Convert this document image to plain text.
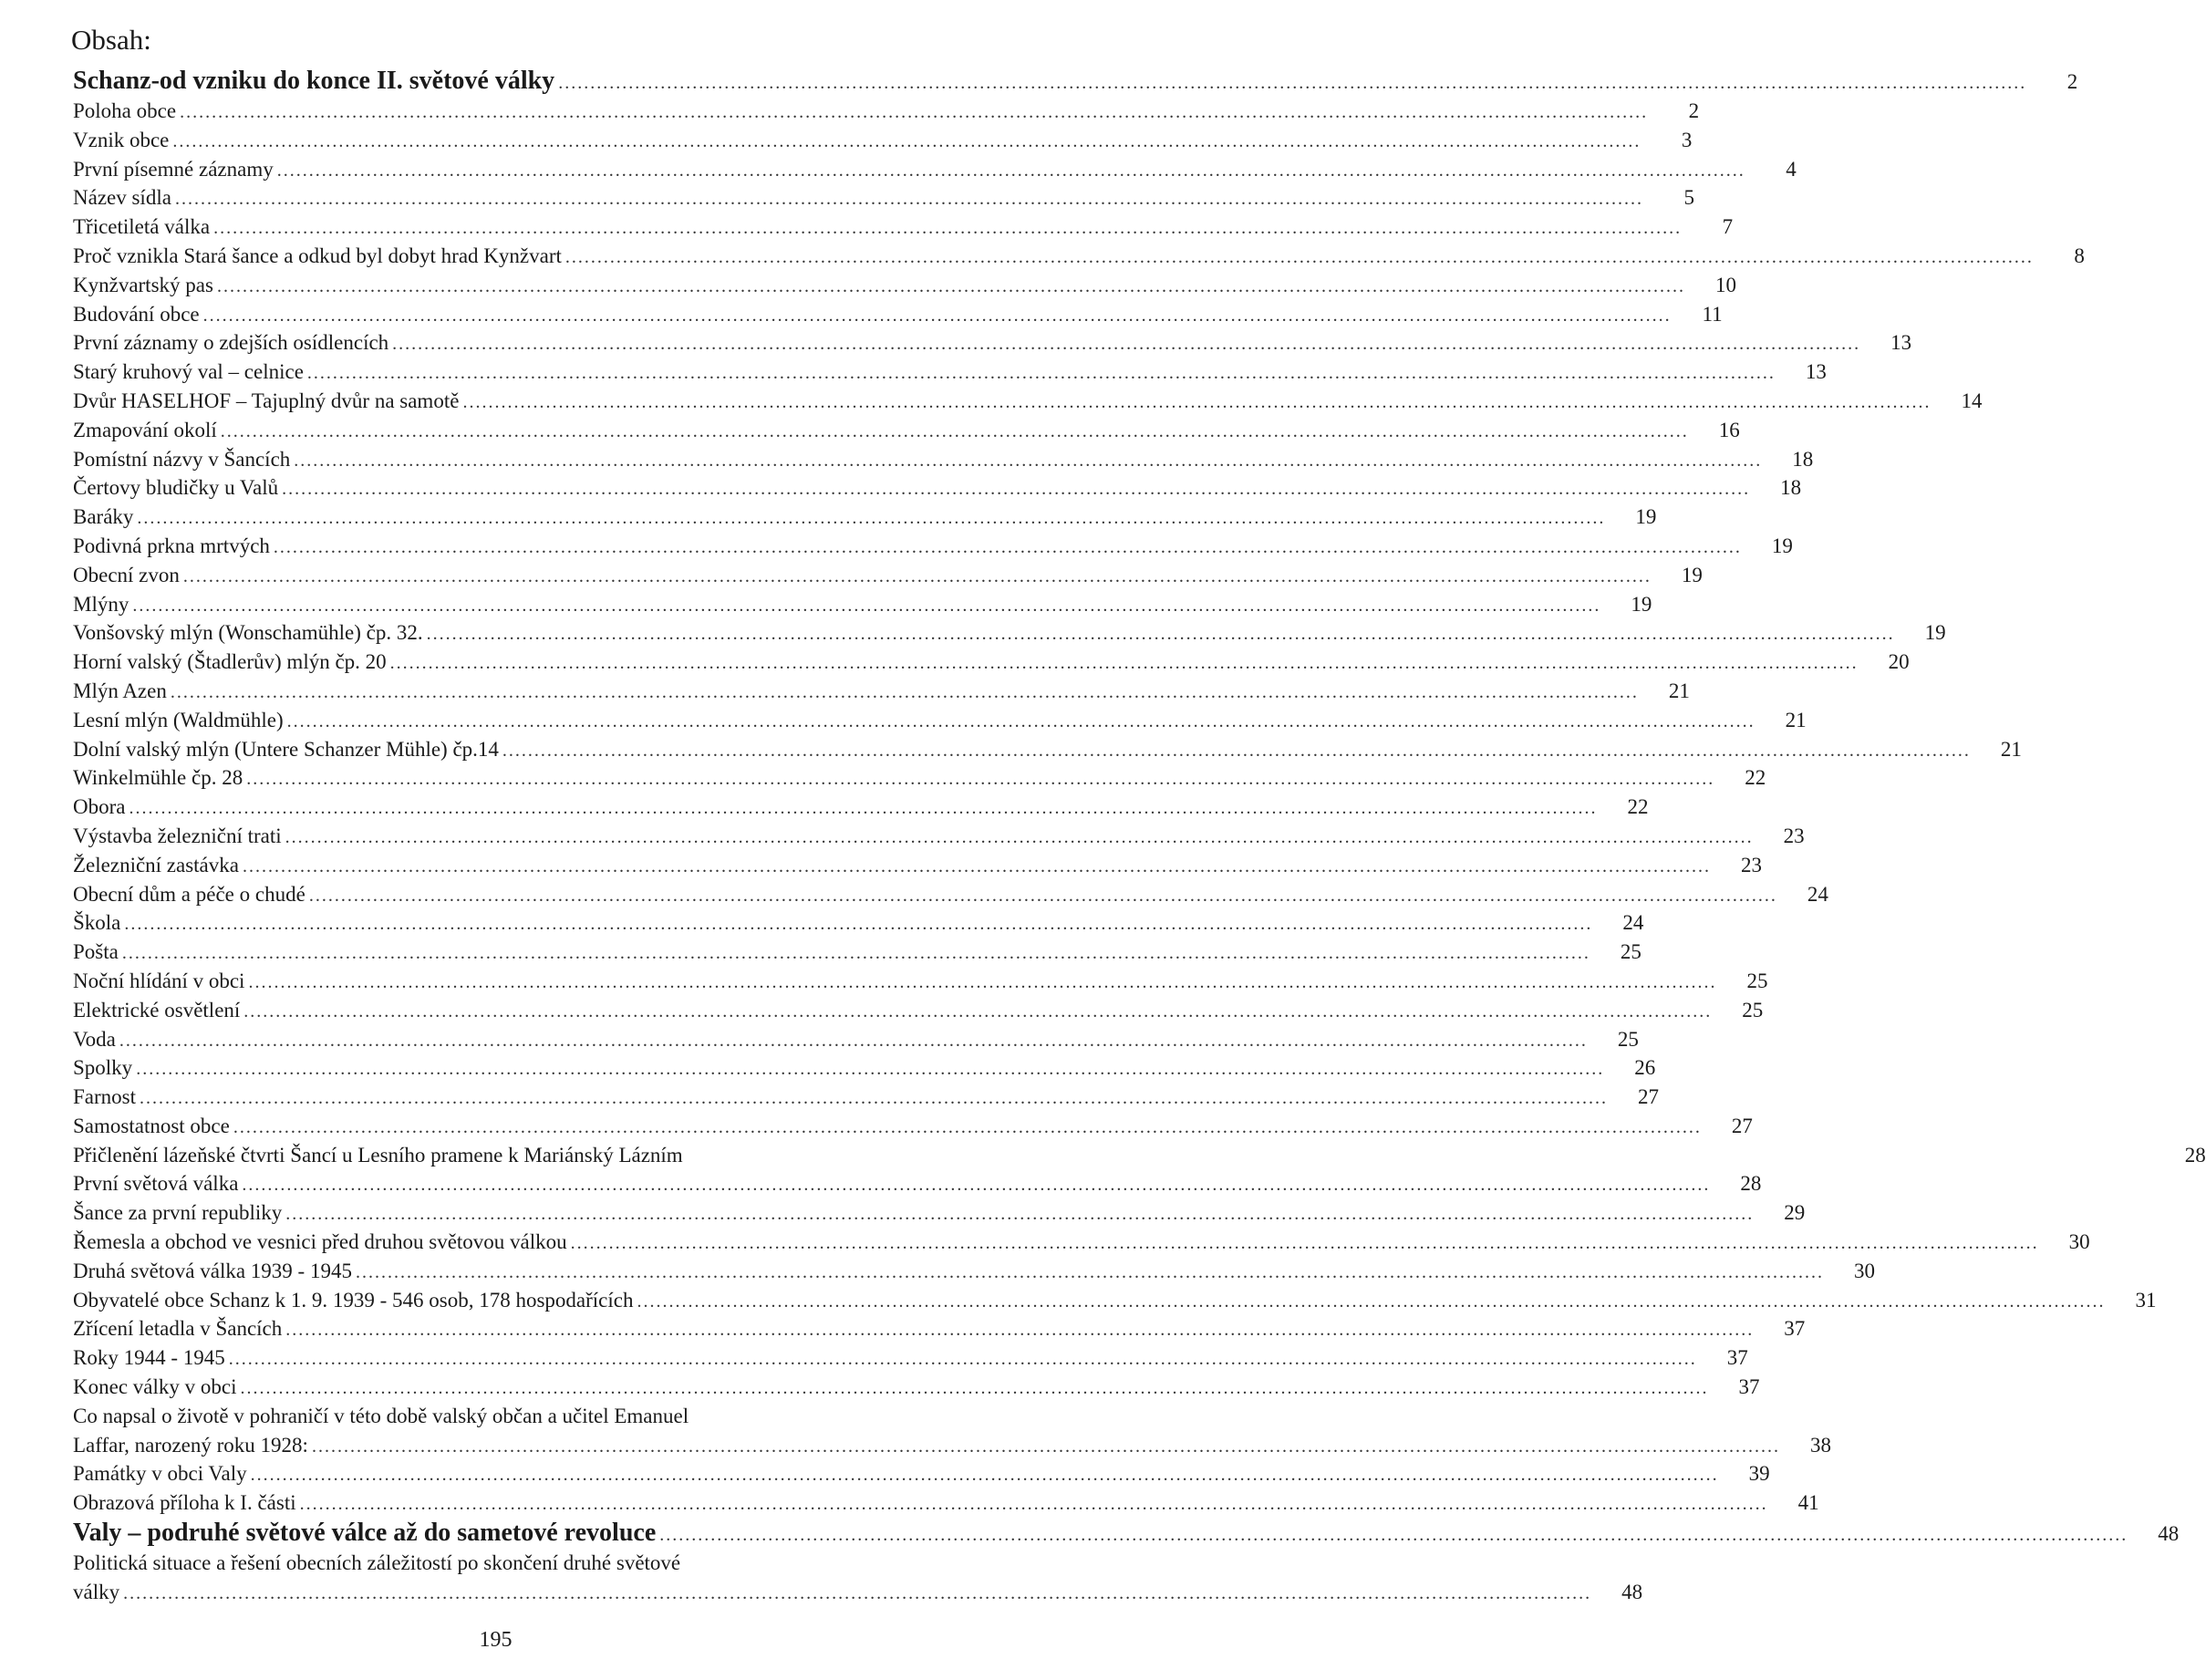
Obsah:
Schanz-od vzniku do konce II. světové války .....	2
Poloha obce .....	2
Vznik obce .....	3
První písemné záznamy .....	4
Název sídla .....	5
Třicetiletá válka .....	7
Proč vznikla Stará šance a odkud byl dobyt hrad Kynžvart .....	8
Kynžvartský pas .....	10
Budování obce .....	11
První záznamy o zdejších osídlencích .....	13
Starý kruhový val – celnice .....	13
Dvůr HASELHOF – Tajuplný dvůr na samotě .....	14
Zmapování okolí .....	16
Pomístní názvy v Šancích .....	18
Čertovy bludičky u Valů .....	18
Baráky .....	19
Podivná prkna mrtvých .....	19
Obecní zvon .....	19
Mlýny .....	19
Vonšovský mlýn (Wonschamühle) čp. 32. .....	19
Horní valský (Štadlerův) mlýn čp. 20 .....	20
Mlýn Azen .....	21
Lesní mlýn (Waldmühle) .....	21
Dolní valský mlýn (Untere Schanzer Mühle) čp.14 .....	21
Winkelmühle čp. 28 .....	22
Obora .....	22
Výstavba železniční trati .....	23
Železniční zastávka .....	23
Obecní dům a péče o chudé .....	24
Škola .....	24
Pošta .....	25
Noční hlídání v obci .....	25
Elektrické osvětlení .....	25
Voda .....	25
Spolky .....	26
Farnost .....	27
Samostatnost obce .....	27
Přičlenění lázeňské čtvrti Šancí u Lesního pramene k Mariánský Lázním	28
První světová válka .....	28
Šance za první republiky .....	29
Řemesla a obchod ve vesnici před druhou světovou válkou .....	30
Druhá světová válka 1939 - 1945 .....	30
Obyvatelé obce Schanz k 1. 9. 1939 - 546 osob, 178 hospodařících .....	31
Zřícení letadla v Šancích .....	37
Roky 1944 - 1945 .....	37
Konec války v obci .....	37
Co napsal o životě v pohraničí v této době valský občan a učitel Emanuel
Laffar, narozený roku 1928: .....	38
Památky v obci Valy .....	39
Obrazová příloha k I. části .....	41
Valy – podruhé světové válce až do sametové revoluce .....	48
Politická situace a řešení obecních záležitostí po skončení druhé světové
války .....	48
195
